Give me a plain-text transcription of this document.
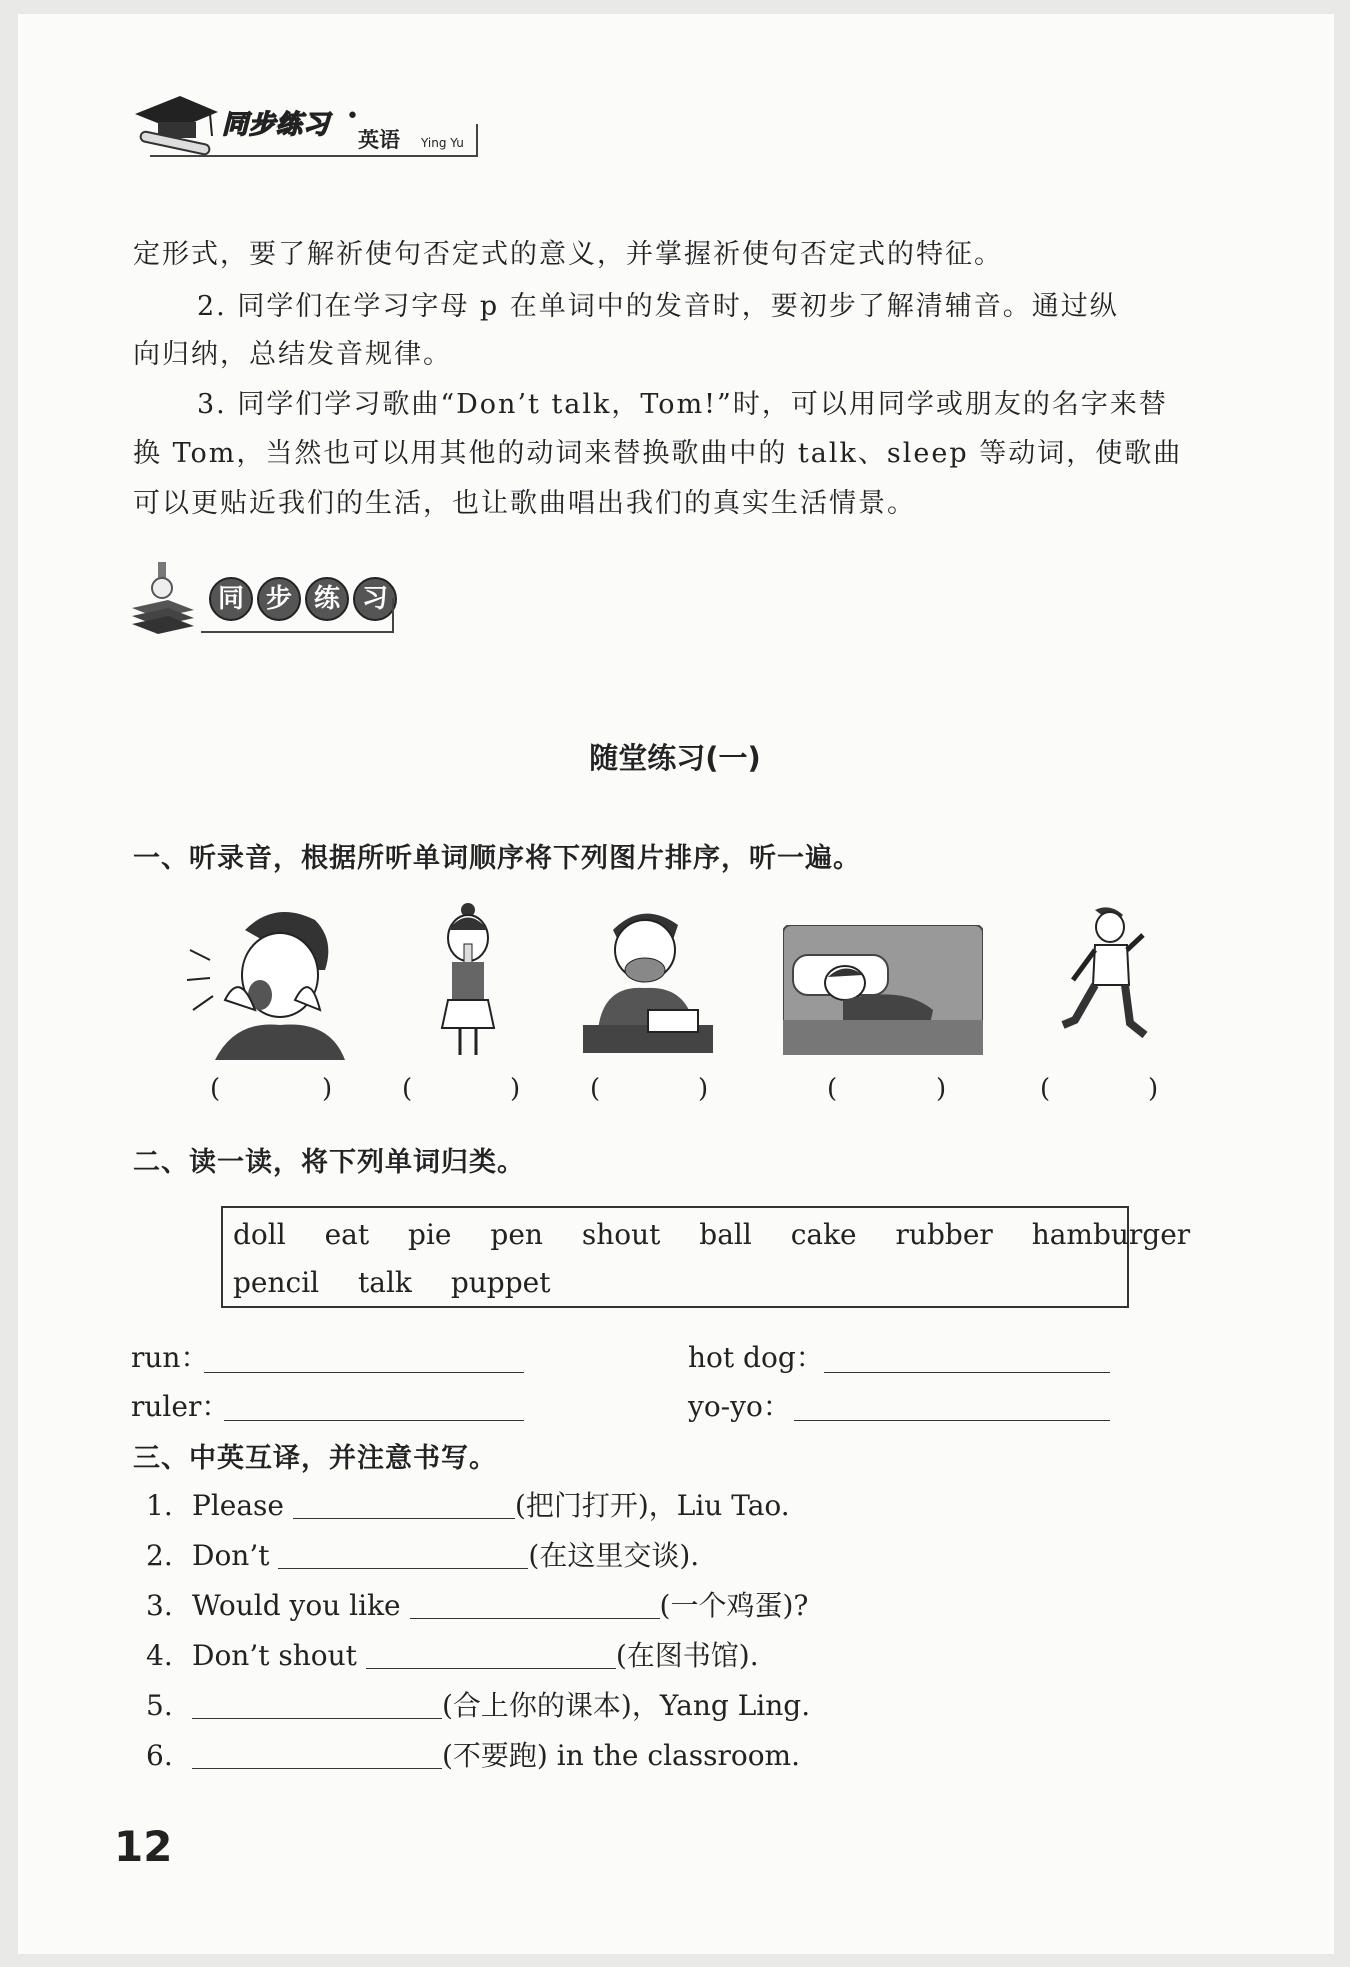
同步练习 •
英语 Ying Yu
定形式，要了解祈使句否定式的意义，并掌握祈使句否定式的特征。
2. 同学们在学习字母 p 在单词中的发音时，要初步了解清辅音。通过纵
向归纳，总结发音规律。
3. 同学们学习歌曲“Don’t talk，Tom!”时，可以用同学或朋友的名字来替
换 Tom，当然也可以用其他的动词来替换歌曲中的 talk、sleep 等动词，使歌曲
可以更贴近我们的生活，也让歌曲唱出我们的真实生活情景。
同 步 练 习
随堂练习(一)
一、听录音，根据所听单词顺序将下列图片排序，听一遍。
(	)	(	)	(	)	(	)	(	)
二、读一读，将下列单词归类。
doll eat pie pen shout ball cake rubber hamburger
pencil talk puppet
run：	hot dog：
ruler：	yo-yo：
三、中英互译，并注意书写。
1. Please	(把门打开)，Liu Tao.
2. Don’t	(在这里交谈).
3. Would you like	(一个鸡蛋)?
4. Don’t shout	(在图书馆).
5.	(合上你的课本)，Yang Ling.
6.	(不要跑) in the classroom.
12
